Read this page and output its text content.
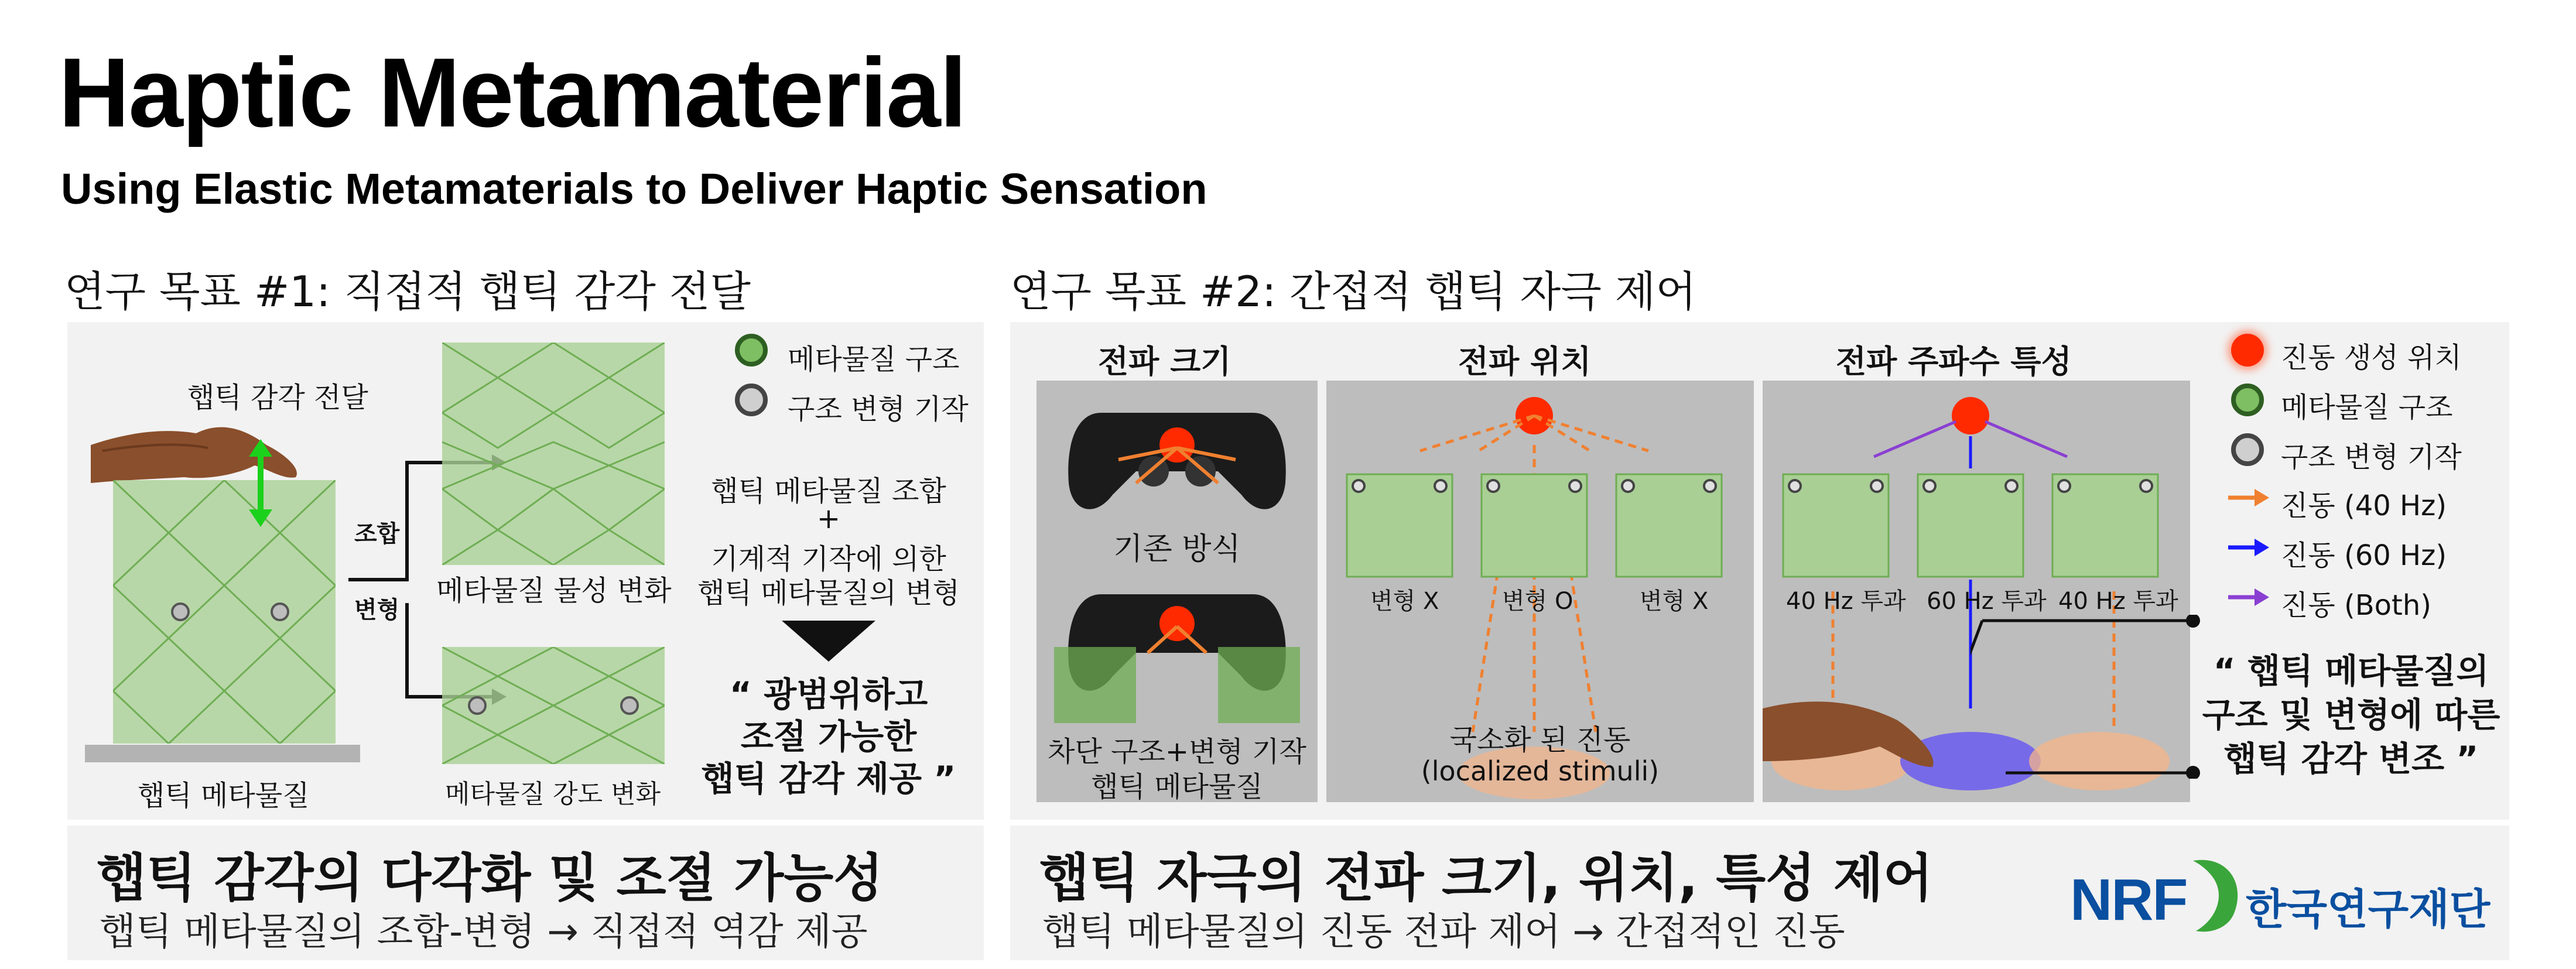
Haptic Metamaterial
Using Elastic Metamaterials to Deliver Haptic Sensation
연구 목표 #1: 직접적 햅틱 감각 전달
햅틱 감각 전달
햅틱 메타물질
조합
변형
메타물질 물성 변화
메타물질 강도 변화
메타물질 구조
구조 변형 기작
햅틱 메타물질 조합
+
기계적 기작에 의한
햅틱 메타물질의 변형
“ 광범위하고
조절 가능한
햅틱 감각 제공 ”
햅틱 감각의 다각화 및 조절 가능성
햅틱 메타물질의 조합-변형 → 직접적 역감 제공
연구 목표 #2: 간접적 햅틱 자극 제어
전파 크기	전파 위치	전파 주파수 특성
기존 방식
차단 구조+변형 기작
햅틱 메타물질
변형 X	변형 O	변형 X
국소화 된 진동
(localized stimuli)
40 Hz 투과 60 Hz 투과 40 Hz 투과
진동 생성 위치
메타물질 구조
구조 변형 기작
진동 (40 Hz)
진동 (60 Hz)
진동 (Both)
“ 햅틱 메타물질의
구조 및 변형에 따른
햅틱 감각 변조 ”
햅틱 자극의 전파 크기, 위치, 특성 제어
햅틱 메타물질의 진동 전파 제어 → 간접적인 진동	NRF 한국연구재단
